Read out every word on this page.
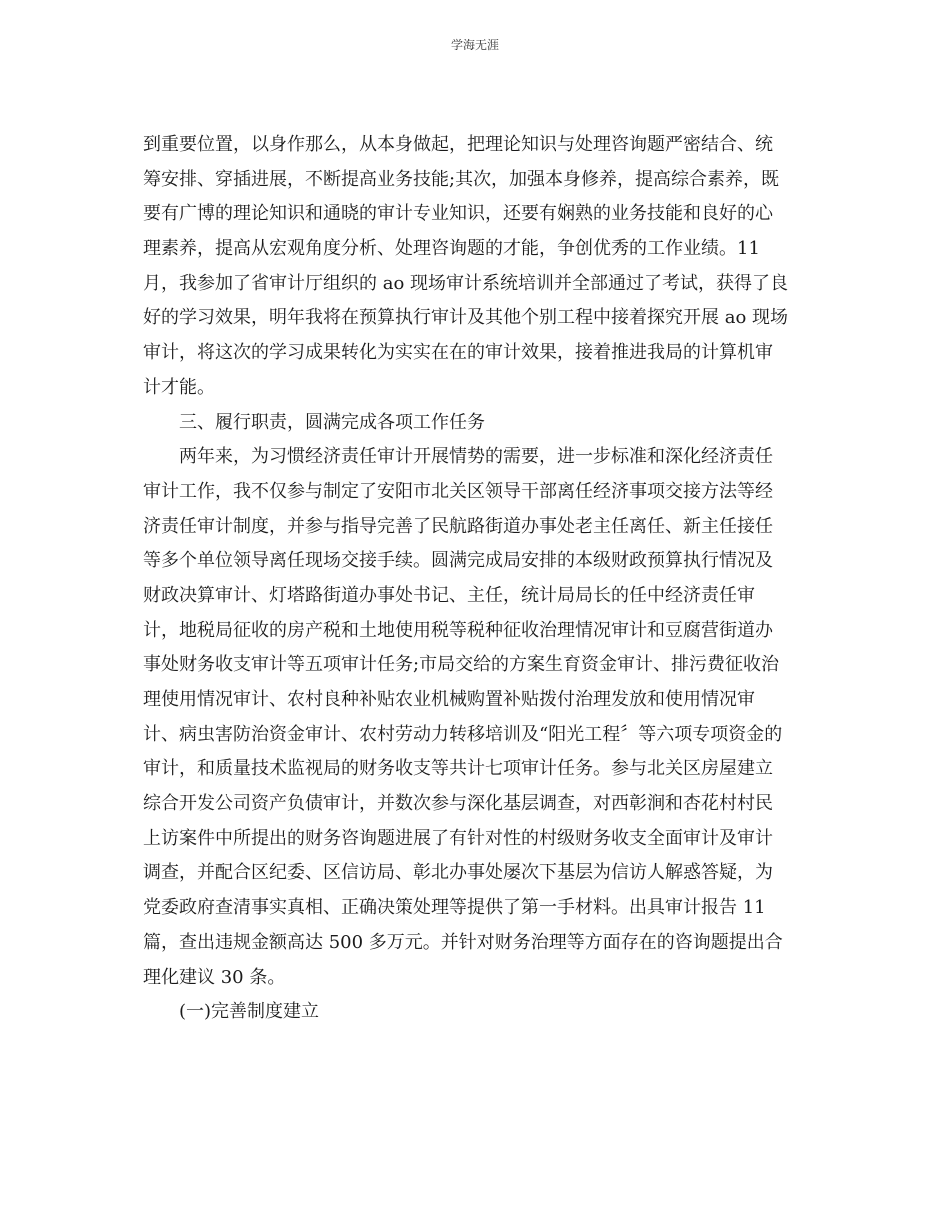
学海无涯
到重要位置，以身作那么，从本身做起，把理论知识与处理咨询题严密结合、统
筹安排、穿插进展，不断提高业务技能;其次，加强本身修养，提高综合素养，既
要有广博的理论知识和通晓的审计专业知识，还要有娴熟的业务技能和良好的心
理素养，提高从宏观角度分析、处理咨询题的才能，争创优秀的工作业绩。11
月，我参加了省审计厅组织的 ao 现场审计系统培训并全部通过了考试，获得了良
好的学习效果，明年我将在预算执行审计及其他个别工程中接着探究开展 ao 现场
审计，将这次的学习成果转化为实实在在的审计效果，接着推进我局的计算机审
计才能。
三、履行职责，圆满完成各项工作任务
两年来，为习惯经济责任审计开展情势的需要，进一步标准和深化经济责任
审计工作，我不仅参与制定了安阳市北关区领导干部离任经济事项交接方法等经
济责任审计制度，并参与指导完善了民航路街道办事处老主任离任、新主任接任
等多个单位领导离任现场交接手续。圆满完成局安排的本级财政预算执行情况及
财政决算审计、灯塔路街道办事处书记、主任，统计局局长的任中经济责任审
计，地税局征收的房产税和土地使用税等税种征收治理情况审计和豆腐营街道办
事处财务收支审计等五项审计任务;市局交给的方案生育资金审计、排污费征收治
理使用情况审计、农村良种补贴农业机械购置补贴拨付治理发放和使用情况审
计、病虫害防治资金审计、农村劳动力转移培训及“阳光工程〞等六项专项资金的
审计，和质量技术监视局的财务收支等共计七项审计任务。参与北关区房屋建立
综合开发公司资产负债审计，并数次参与深化基层调查，对西彰涧和杏花村村民
上访案件中所提出的财务咨询题进展了有针对性的村级财务收支全面审计及审计
调查，并配合区纪委、区信访局、彰北办事处屡次下基层为信访人解惑答疑，为
党委政府查清事实真相、正确决策处理等提供了第一手材料。出具审计报告 11
篇，查出违规金额高达 500 多万元。并针对财务治理等方面存在的咨询题提出合
理化建议 30 条。
(一)完善制度建立
